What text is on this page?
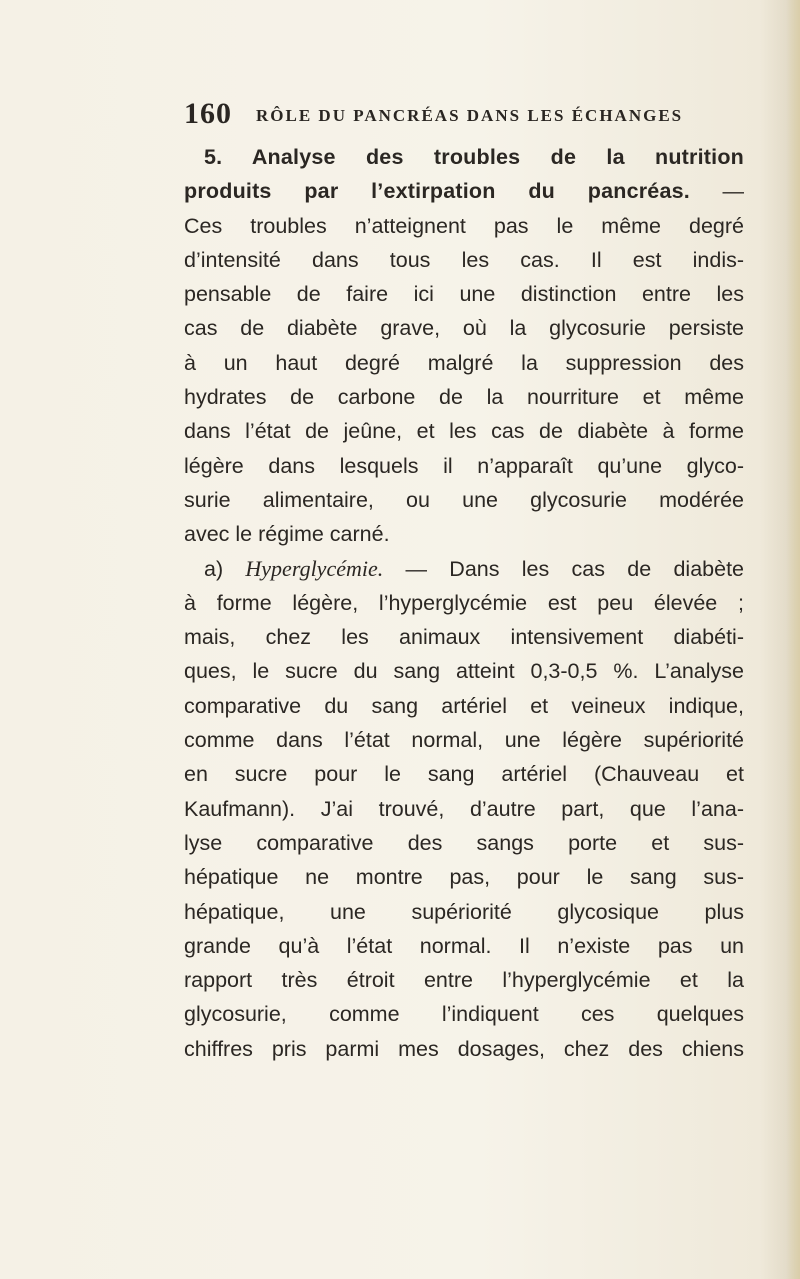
160 RÔLE DU PANCRÉAS DANS LES ÉCHANGES
5. Analyse des troubles de la nutrition
produits par l’extirpation du pancréas. —
Ces troubles n’atteignent pas le même degré
d’intensité dans tous les cas. Il est indis-
pensable de faire ici une distinction entre les
cas de diabète grave, où la glycosurie persiste
à un haut degré malgré la suppression des
hydrates de carbone de la nourriture et même
dans l’état de jeûne, et les cas de diabète à forme
légère dans lesquels il n’apparaît qu’une glyco-
surie alimentaire, ou une glycosurie modérée
avec le régime carné.
a) Hyperglycémie. — Dans les cas de diabète
à forme légère, l’hyperglycémie est peu élevée ;
mais, chez les animaux intensivement diabéti-
ques, le sucre du sang atteint 0,3-0,5 %. L’analyse
comparative du sang artériel et veineux indique,
comme dans l’état normal, une légère supériorité
en sucre pour le sang artériel (Chauveau et
Kaufmann). J’ai trouvé, d’autre part, que l’ana-
lyse comparative des sangs porte et sus-
hépatique ne montre pas, pour le sang sus-
hépatique, une supériorité glycosique plus
grande qu’à l’état normal. Il n’existe pas un
rapport très étroit entre l’hyperglycémie et la
glycosurie, comme l’indiquent ces quelques
chiffres pris parmi mes dosages, chez des chiens
